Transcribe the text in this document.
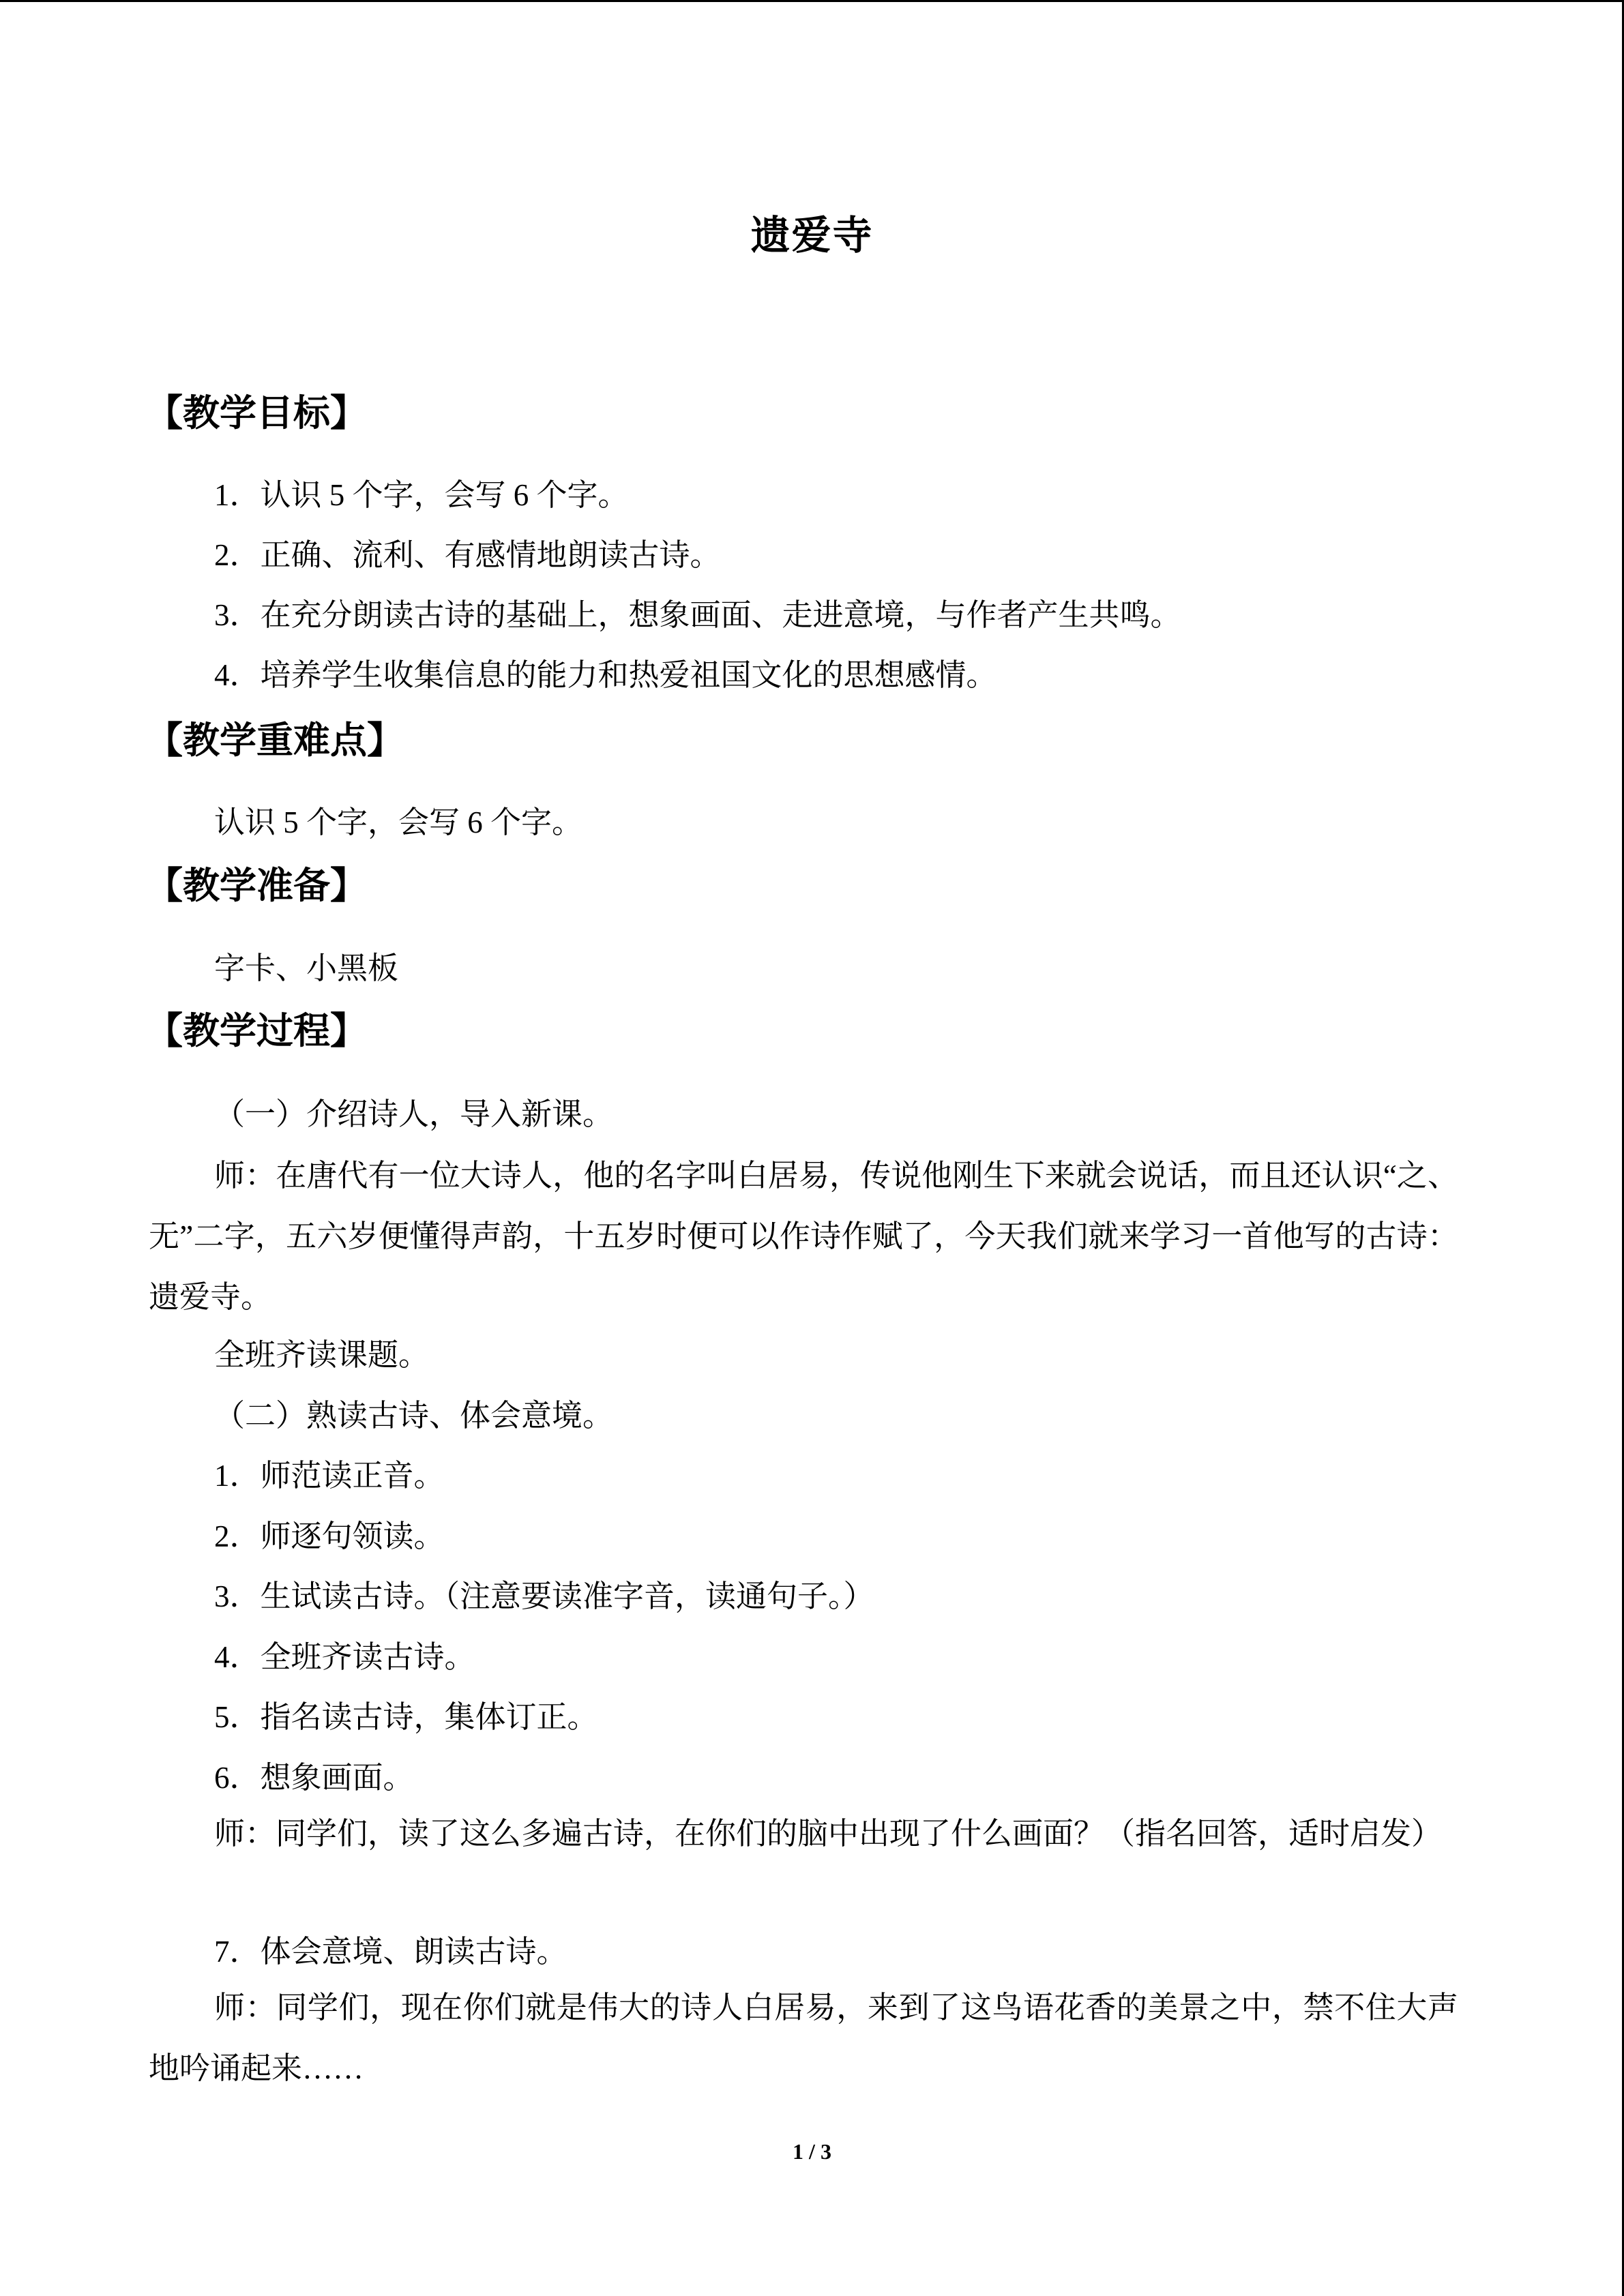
遗爱寺
【教学目标】
1．认识 5 个字，会写 6 个字。
2．正确、流利、有感情地朗读古诗。
3．在充分朗读古诗的基础上，想象画面、走进意境，与作者产生共鸣。
4．培养学生收集信息的能力和热爱祖国文化的思想感情。
【教学重难点】
认识 5 个字，会写 6 个字。
【教学准备】
字卡、小黑板
【教学过程】
（一）介绍诗人，导入新课。
师：在唐代有一位大诗人，他的名字叫白居易，传说他刚生下来就会说话，而且还认识“之、无”二字，五六岁便懂得声韵，十五岁时便可以作诗作赋了，今天我们就来学习一首他写的古诗：遗爱寺。
全班齐读课题。
（二）熟读古诗、体会意境。
1．师范读正音。
2．师逐句领读。
3．生试读古诗。（注意要读准字音，读通句子。）
4．全班齐读古诗。
5．指名读古诗，集体订正。
6．想象画面。
师：同学们，读了这么多遍古诗，在你们的脑中出现了什么画面？（指名回答，适时启发）
7．体会意境、朗读古诗。
师：同学们，现在你们就是伟大的诗人白居易，来到了这鸟语花香的美景之中，禁不住大声地吟诵起来……
1 / 3
